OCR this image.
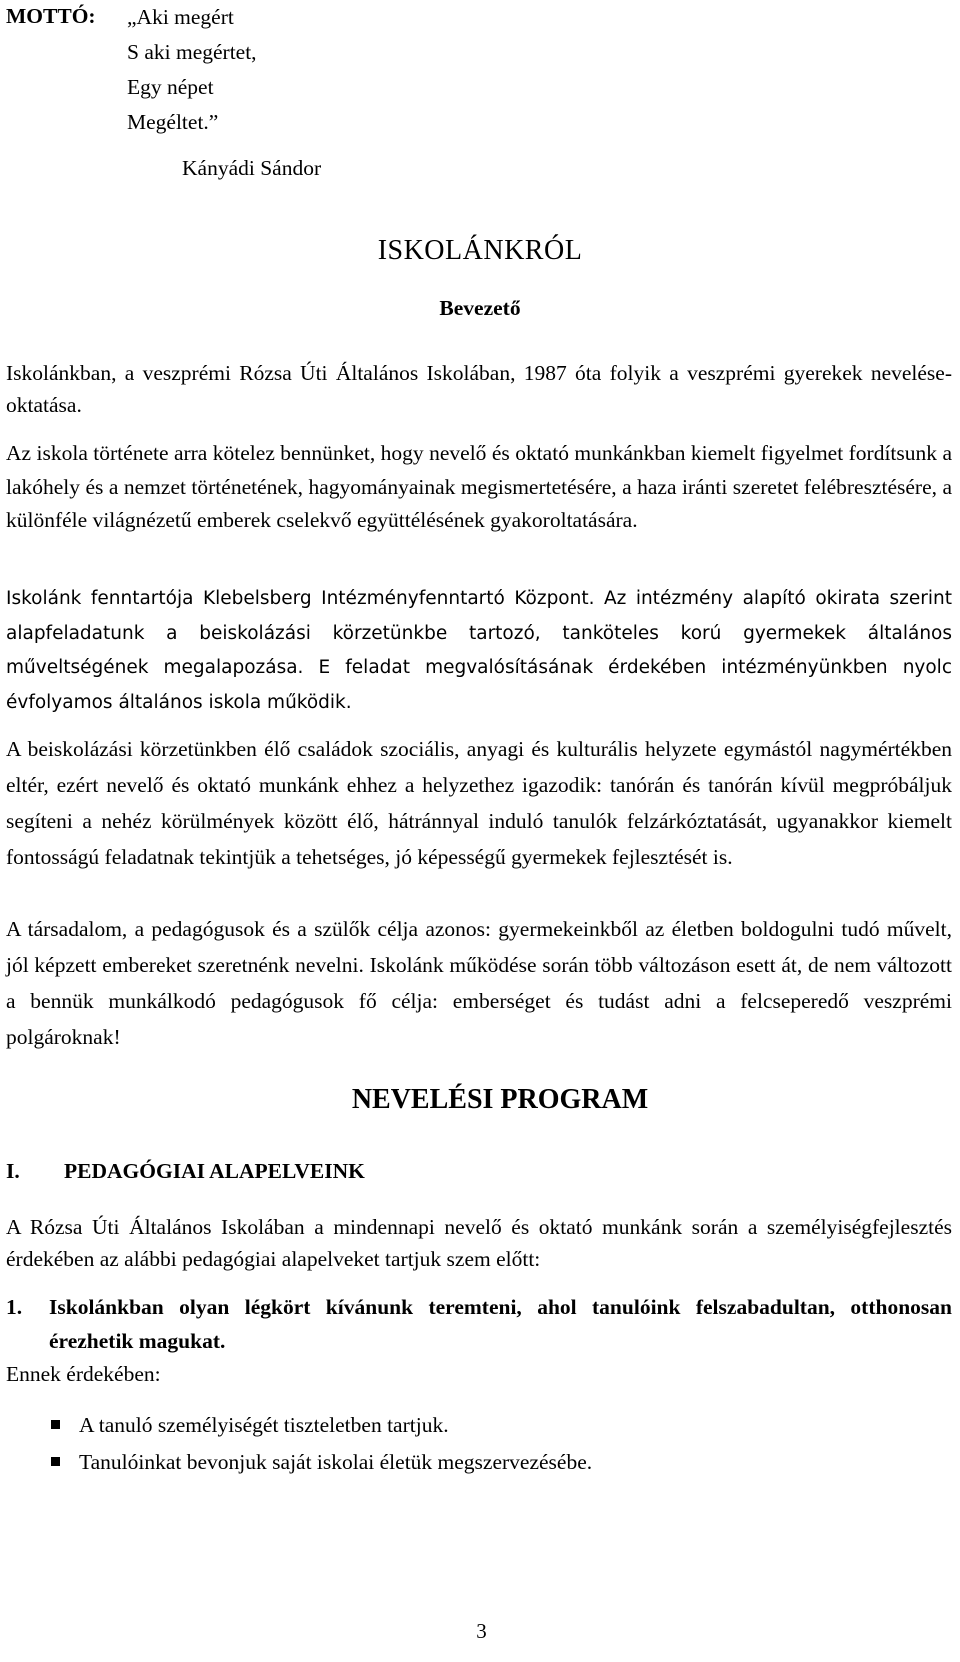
MOTTÓ: „Aki megért
S aki megértet,
Egy népet
Megéltet.”
Kányádi Sándor
ISKOLÁNKRÓL
Bevezető

Iskolánkban, a veszprémi Rózsa Úti Általános Iskolában, 1987 óta folyik a veszprémi gyerekek nevelése-oktatása.

Az iskola története arra kötelez bennünket, hogy nevelő és oktató munkánkban kiemelt figyelmet fordítsunk a lakóhely és a nemzet történetének, hagyományainak megismertetésére, a haza iránti szeretet felébresztésére, a különféle világnézetű emberek cselekvő együttélésének gyakoroltatására.

Iskolánk fenntartója Klebelsberg Intézményfenntartó Központ. Az intézmény alapító okirata szerint alapfeladatunk a beiskolázási körzetünkbe tartozó, tanköteles korú gyermekek általános műveltségének megalapozása. E feladat megvalósításának érdekében intézményünkben nyolc évfolyamos általános iskola működik.

A beiskolázási körzetünkben élő családok szociális, anyagi és kulturális helyzete egymástól nagymértékben eltér, ezért nevelő és oktató munkánk ehhez a helyzethez igazodik: tanórán és tanórán kívül megpróbáljuk segíteni a nehéz körülmények között élő, hátránnyal induló tanulók felzárkóztatását, ugyanakkor kiemelt fontosságú feladatnak tekintjük a tehetséges, jó képességű gyermekek fejlesztését is.

A társadalom, a pedagógusok és a szülők célja azonos: gyermekeinkből az életben boldogulni tudó művelt, jól képzett embereket szeretnénk nevelni. Iskolánk működése során több változáson esett át, de nem változott a bennük munkálkodó pedagógusok fő célja: emberséget és tudást adni a felcseperedő veszprémi polgároknak!

NEVELÉSI PROGRAM
I. PEDAGÓGIAI ALAPELVEINK

A Rózsa Úti Általános Iskolában a mindennapi nevelő és oktató munkánk során a személyiségfejlesztés érdekében az alábbi pedagógiai alapelveket tartjuk szem előtt:

1. Iskolánkban olyan légkört kívánunk teremteni, ahol tanulóink felszabadultan, otthonosan érezhetik magukat.
Ennek érdekében:
A tanuló személyiségét tiszteletben tartjuk.
Tanulóinkat bevonjuk saját iskolai életük megszervezésébe.
3
